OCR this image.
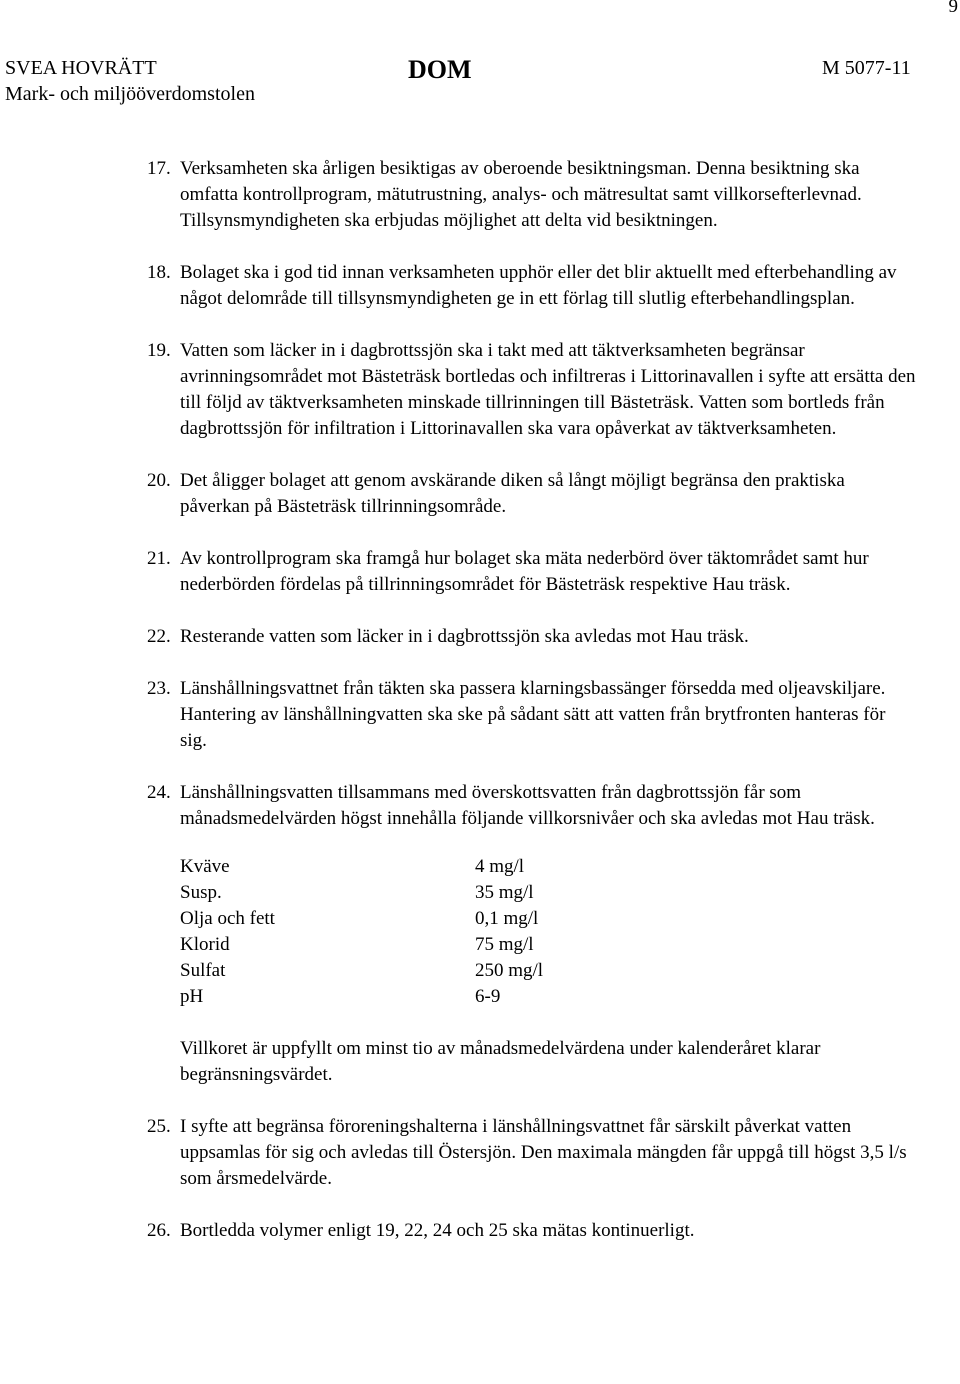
9
SVEA HOVRÄTT
Mark- och miljööverdomstolen
DOM	M 5077-11
17. Verksamheten ska årligen besiktigas av oberoende besiktningsman. Denna besiktning ska omfatta kontrollprogram, mätutrustning, analys- och mätresultat samt villkorsefterlevnad. Tillsynsmyndigheten ska erbjudas möjlighet att delta vid besiktningen.

18. Bolaget ska i god tid innan verksamheten upphör eller det blir aktuellt med efterbehandling av något delområde till tillsynsmyndigheten ge in ett förlag till slutlig efterbehandlingsplan.

19. Vatten som läcker in i dagbrottssjön ska i takt med att täktverksamheten begränsar avrinningsområdet mot Bästeträsk bortledas och infiltreras i Littorinavallen i syfte att ersätta den till följd av täktverksamheten minskade tillrinningen till Bästeträsk. Vatten som bortleds från dagbrottssjön för infiltration i Littorinavallen ska vara opåverkat av täktverksamheten.

20. Det åligger bolaget att genom avskärande diken så långt möjligt begränsa den praktiska påverkan på Bästeträsk tillrinningsområde.

21. Av kontrollprogram ska framgå hur bolaget ska mäta nederbörd över täktområdet samt hur nederbörden fördelas på tillrinningsområdet för Bästeträsk respektive Hau träsk.

22. Resterande vatten som läcker in i dagbrottssjön ska avledas mot Hau träsk.

23. Länshållningsvattnet från täkten ska passera klarningsbassänger försedda med oljeavskiljare. Hantering av länshållningvatten ska ske på sådant sätt att vatten från brytfronten hanteras för sig.

24. Länshållningsvatten tillsammans med överskottsvatten från dagbrottssjön får som månadsmedelvärden högst innehålla följande villkorsnivåer och ska avledas mot Hau träsk.

Kväve	4 mg/l
Susp.	35 mg/l
Olja och fett	0,1 mg/l
Klorid	75 mg/l
Sulfat	250 mg/l
pH	6-9

Villkoret är uppfyllt om minst tio av månadsmedelvärdena under kalenderåret klarar begränsningsvärdet.

25. I syfte att begränsa föroreningshalterna i länshållningsvattnet får särskilt påverkat vatten uppsamlas för sig och avledas till Östersjön. Den maximala mängden får uppgå till högst 3,5 l/s som årsmedelvärde.

26. Bortledda volymer enligt 19, 22, 24 och 25 ska mätas kontinuerligt.
